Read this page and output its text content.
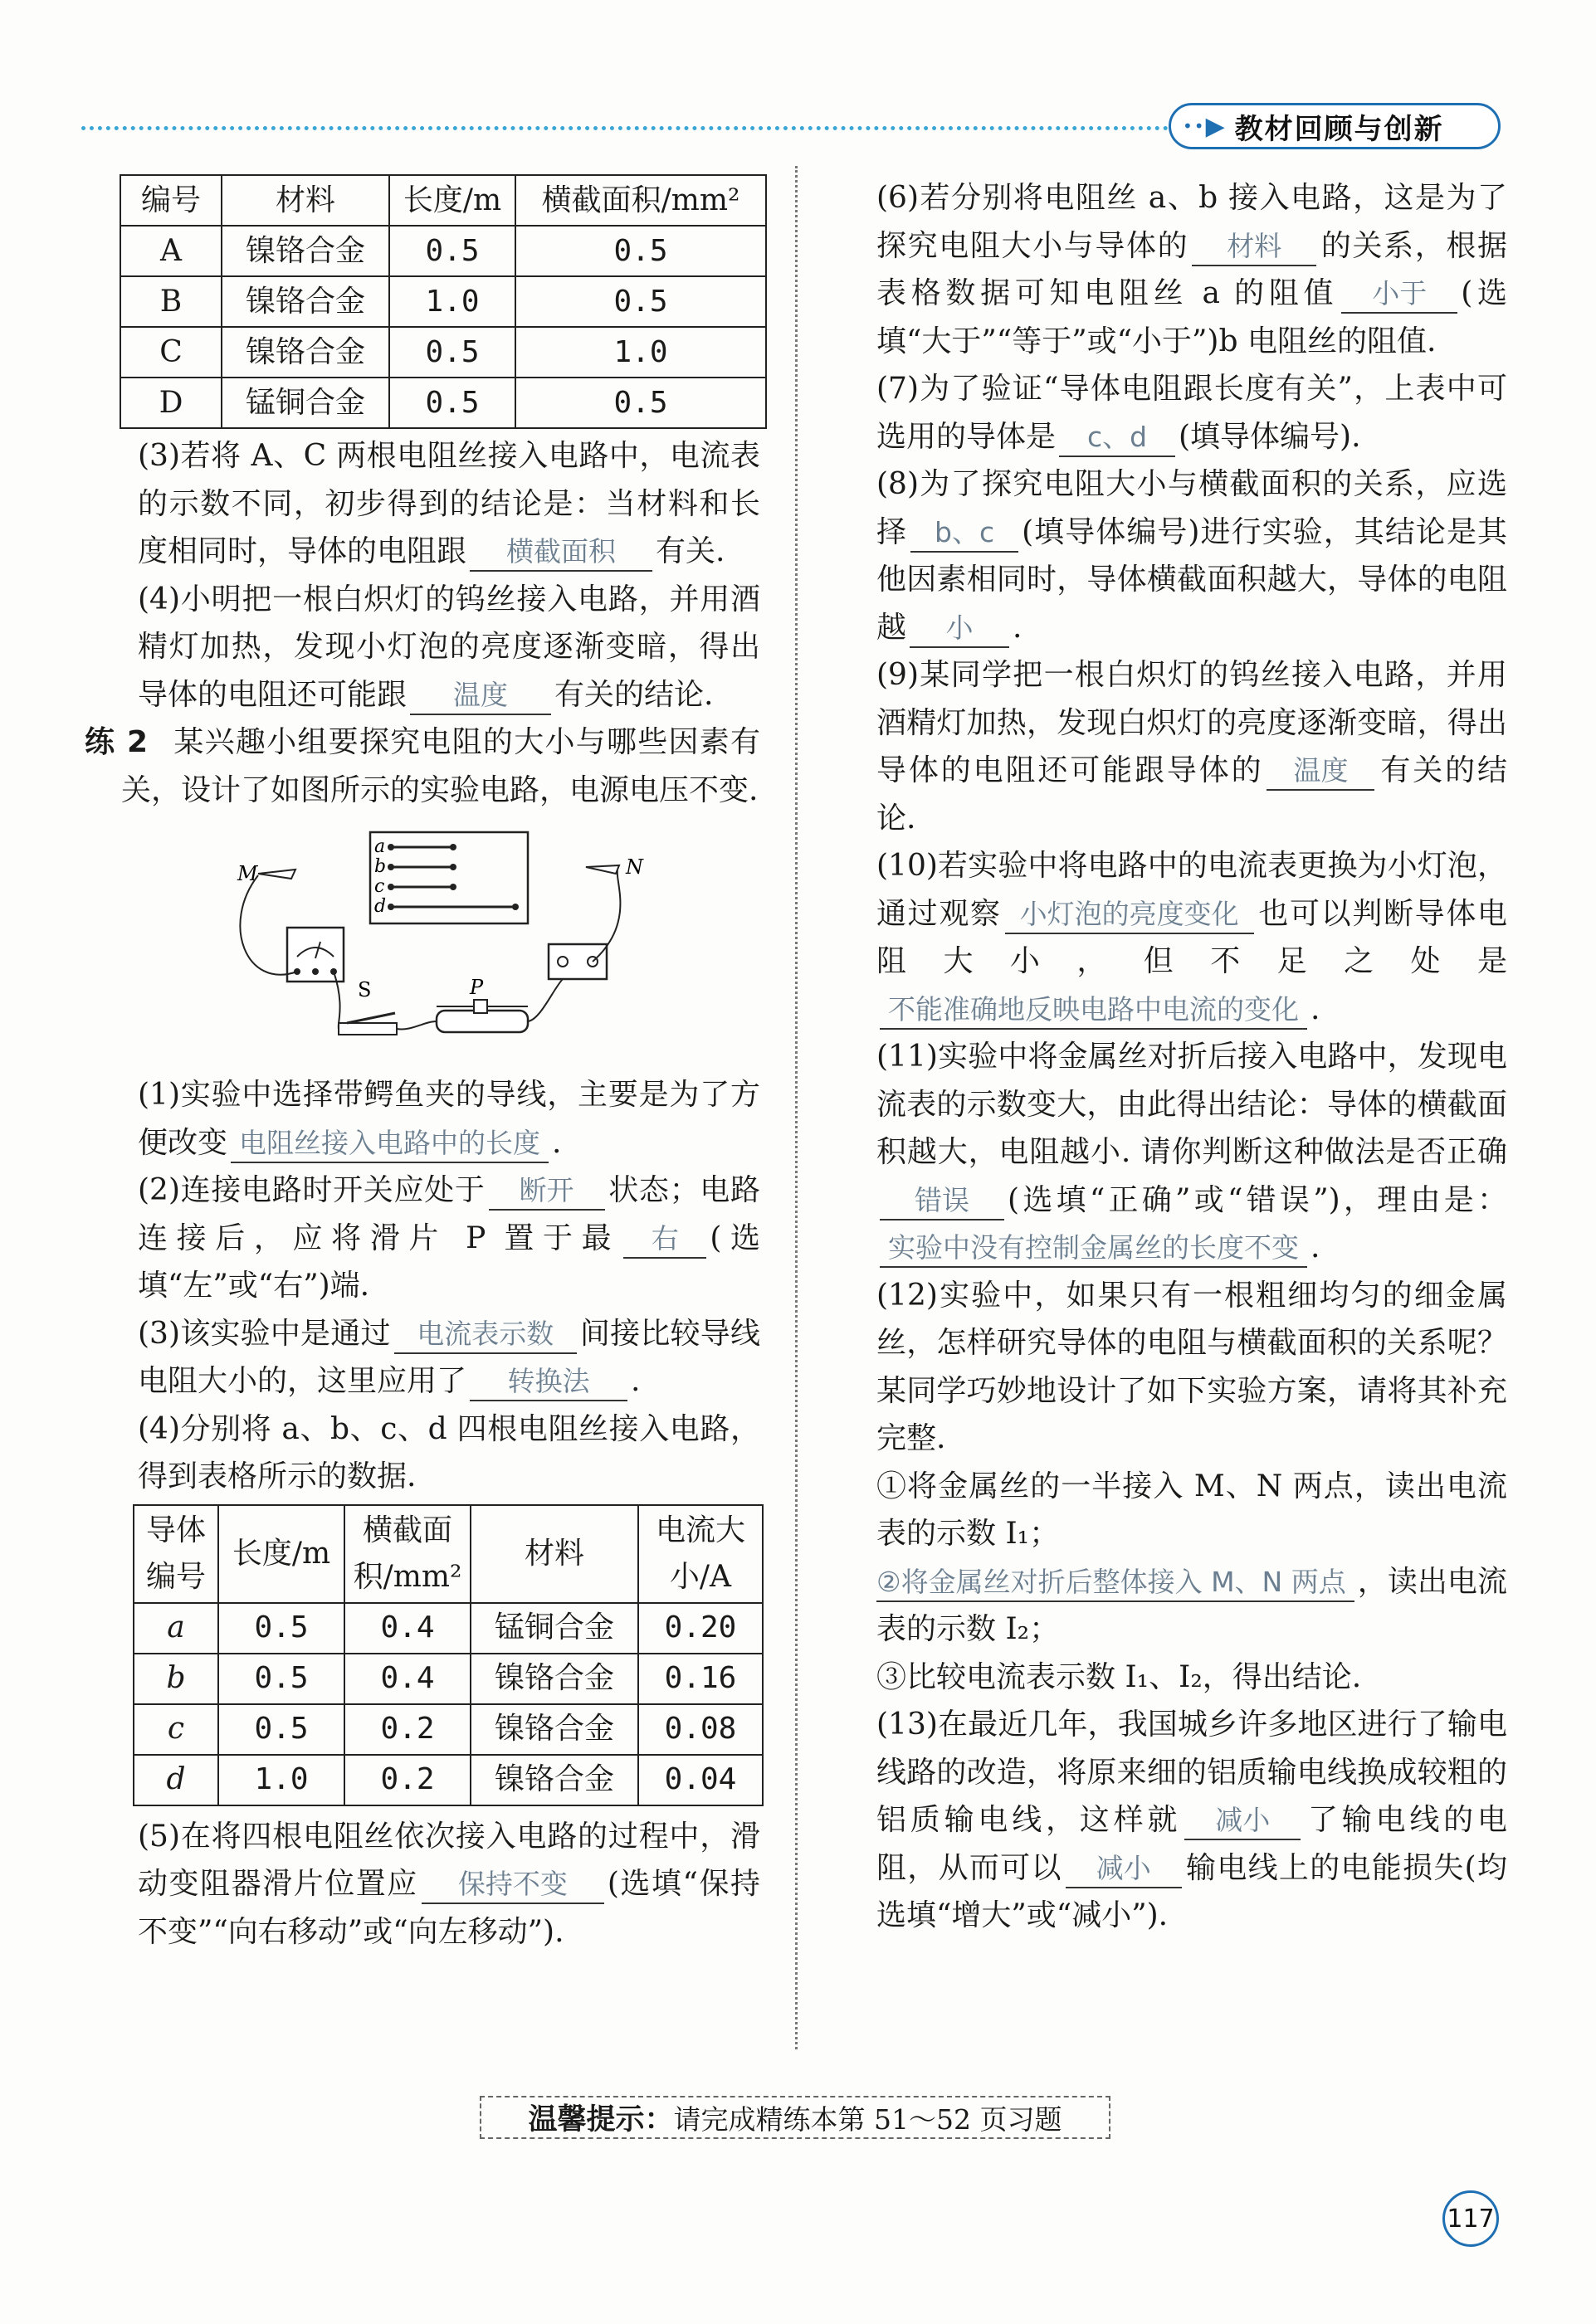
•• ▶ 教材回顾与创新
编号	材料	长度/m	横截面积/mm²
A	镍铬合金	0.5	0.5
B	镍铬合金	1.0	0.5
C	镍铬合金	0.5	1.0
D	锰铜合金	0.5	0.5

(3)若将 A、C 两根电阻丝接入电路中，电流表的示数不同，初步得到的结论是：当材料和长度相同时，导体的电阻跟 横截面积 有关.

(4)小明把一根白炽灯的钨丝接入电路，并用酒精灯加热，发现小灯泡的亮度逐渐变暗，得出导体的电阻还可能跟 温度 有关的结论.

练 2 某兴趣小组要探究电阻的大小与哪些因素有关，设计了如图所示的实验电路，电源电压不变.

a
b
c
d
M	N
S	P

(1)实验中选择带鳄鱼夹的导线，主要是为了方便改变 电阻丝接入电路中的长度 .

(2)连接电路时开关应处于 断开 状态；电路连接后，应将滑片 P 置于最 右 (选填“左”或“右”)端.

(3)该实验中是通过 电流表示数 间接比较导线电阻大小的，这里应用了 转换法 .

(4)分别将 a、b、c、d 四根电阻丝接入电路，得到表格所示的数据.

导体编号	长度/m	横截面积/mm²	材料	电流大小/A
a	0.5	0.4	锰铜合金	0.20
b	0.5	0.4	镍铬合金	0.16
c	0.5	0.2	镍铬合金	0.08
d	1.0	0.2	镍铬合金	0.04

(5)在将四根电阻丝依次接入电路的过程中，滑动变阻器滑片位置应 保持不变 (选填“保持不变”“向右移动”或“向左移动”).

(6)若分别将电阻丝 a、b 接入电路，这是为了探究电阻大小与导体的 材料 的关系，根据表格数据可知电阻丝 a 的阻值 小于 (选填“大于”“等于”或“小于”)b 电阻丝的阻值.

(7)为了验证“导体电阻跟长度有关”，上表中可选用的导体是 c、d (填导体编号).

(8)为了探究电阻大小与横截面积的关系，应选择 b、c (填导体编号)进行实验，其结论是其他因素相同时，导体横截面积越大，导体的电阻越 小 .

(9)某同学把一根白炽灯的钨丝接入电路，并用酒精灯加热，发现白炽灯的亮度逐渐变暗，得出导体的电阻还可能跟导体的 温度 有关的结论.

(10)若实验中将电路中的电流表更换为小灯泡，通过观察 小灯泡的亮度变化 也可以判断导体电阻大小，但不足之处是不能准确地反映电路中电流的变化 .

(11)实验中将金属丝对折后接入电路中，发现电流表的示数变大，由此得出结论：导体的横截面积越大，电阻越小. 请你判断这种做法是否正确错误 (选填“正确”或“错误”)，理由是：实验中没有控制金属丝的长度不变 .

(12)实验中，如果只有一根粗细均匀的细金属丝，怎样研究导体的电阻与横截面积的关系呢？某同学巧妙地设计了如下实验方案，请将其补充完整.

①将金属丝的一半接入 M、N 两点，读出电流表的示数 I₁；

②将金属丝对折后整体接入 M、N 两点 ，读出电流表的示数 I₂；

③比较电流表示数 I₁、I₂，得出结论.

(13)在最近几年，我国城乡许多地区进行了输电线路的改造，将原来细的铝质输电线换成较粗的铝质输电线，这样就 减小 了输电线的电阻，从而可以 减小 输电线上的电能损失(均选填“增大”或“减小”).

温馨提示： 请完成精练本第 51～52 页习题
117
